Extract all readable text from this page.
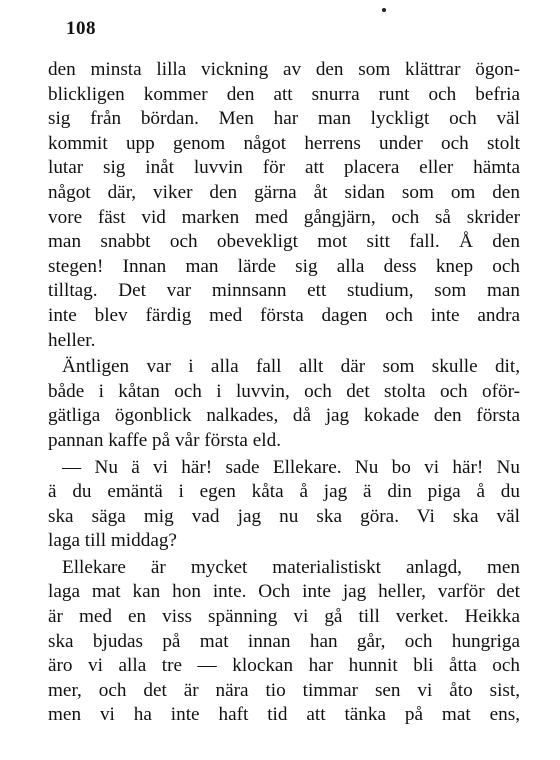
108
den minsta lilla vickning av den som klättrar ögon-
blickligen kommer den att snurra runt och befria
sig från bördan. Men har man lyckligt och väl
kommit upp genom något herrens under och stolt
lutar sig inåt luvvin för att placera eller hämta
något där, viker den gärna åt sidan som om den
vore fäst vid marken med gångjärn, och så skrider
man snabbt och obevekligt mot sitt fall. Å den
stegen! Innan man lärde sig alla dess knep och
tilltag. Det var minnsann ett studium, som man
inte blev färdig med första dagen och inte andra
heller.
Äntligen var i alla fall allt där som skulle dit,
både i kåtan och i luvvin, och det stolta och oför-
gätliga ögonblick nalkades, då jag kokade den första
pannan kaffe på vår första eld.
— Nu ä vi här! sade Ellekare. Nu bo vi här! Nu
ä du emäntä i egen kåta å jag ä din piga å du
ska säga mig vad jag nu ska göra. Vi ska väl
laga till middag?
Ellekare är mycket materialistiskt anlagd, men
laga mat kan hon inte. Och inte jag heller, varför det
är med en viss spänning vi gå till verket. Heikka
ska bjudas på mat innan han går, och hungriga
äro vi alla tre — klockan har hunnit bli åtta och
mer, och det är nära tio timmar sen vi åto sist,
men vi ha inte haft tid att tänka på mat ens,
